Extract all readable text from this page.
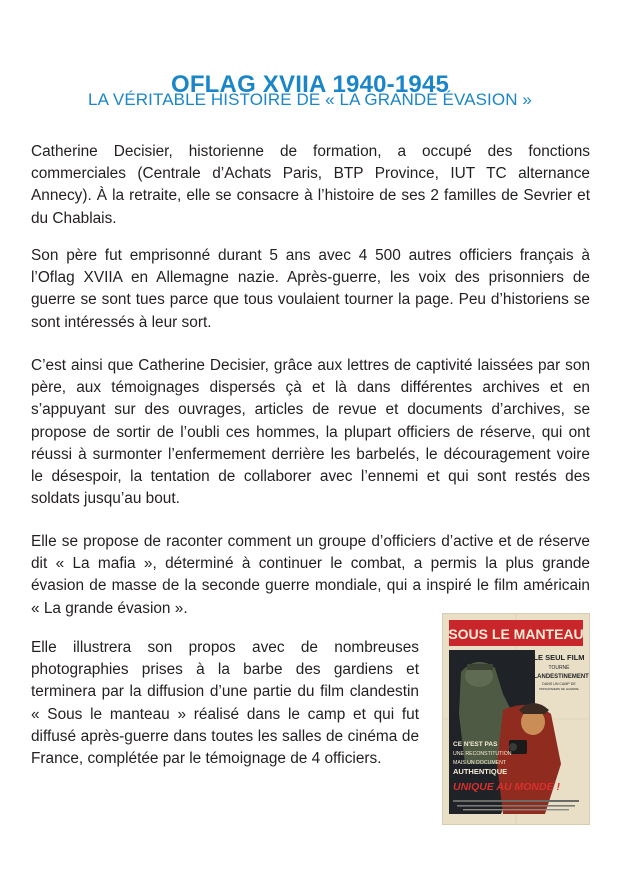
OFLAG XVIIA 1940-1945
LA VÉRITABLE HISTOIRE DE « LA GRANDE ÉVASION »

Catherine Decisier, historienne de formation, a occupé des fonctions commerciales (Centrale d’Achats Paris, BTP Province, IUT TC alternance Annecy). À la retraite, elle se consacre à l’histoire de ses 2 familles de Sevrier et du Chablais.

Son père fut emprisonné durant 5 ans avec 4 500 autres officiers français à l’Oflag XVIIA en Allemagne nazie. Après-guerre, les voix des prisonniers de guerre se sont tues parce que tous voulaient tourner la page. Peu d’historiens se sont intéressés à leur sort.

C’est ainsi que Catherine Decisier, grâce aux lettres de captivité laissées par son père, aux témoignages dispersés çà et là dans différentes archives et en s’appuyant sur des ouvrages, articles de revue et documents d’archives, se propose de sortir de l’oubli ces hommes, la plupart officiers de réserve, qui ont réussi à surmonter l’enfermement derrière les barbelés, le découragement voire le désespoir, la tentation de collaborer avec l’ennemi et qui sont restés des soldats jusqu’au bout.

Elle se propose de raconter comment un groupe d’officiers d’active et de réserve dit « La mafia », déterminé à continuer le combat, a permis la plus grande évasion de masse de la seconde guerre mondiale, qui a inspiré le film américain « La grande évasion ».

Elle illustrera son propos avec de nombreuses photographies prises à la barbe des gardiens et terminera par la diffusion d’une partie du film clandestin « Sous le manteau » réalisé dans le camp et qui fut diffusé après-guerre dans toutes les salles de cinéma de France, complétée par le témoignage de 4 officiers.

SOUS LE MANTEAU
LE SEUL FILM
TOURNÉ
CLANDESTINEMENT
DANS UN CAMP DE
PRISONNIERS DE GUERRE
CE N'EST PAS
UNE RECONSTITUTION
MAIS UN DOCUMENT
AUTHENTIQUE
UNIQUE AU MONDE !
